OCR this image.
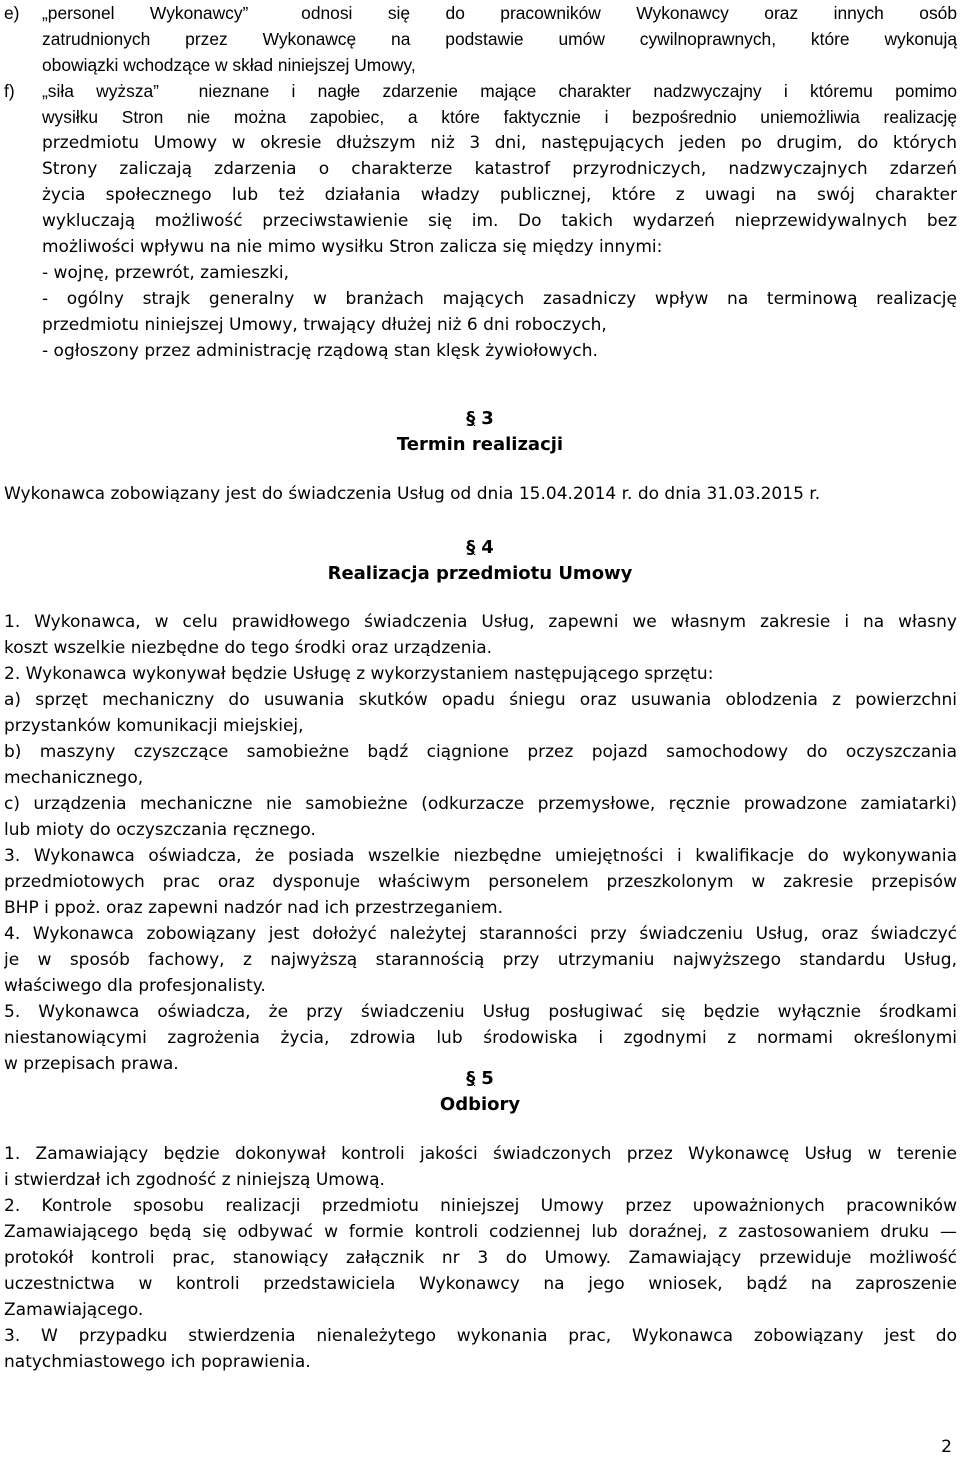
e) „personel Wykonawcy”  odnosi się do pracowników Wykonawcy oraz innych osób
zatrudnionych przez Wykonawcę na podstawie umów cywilnoprawnych, które wykonują
obowiązki wchodzące w skład niniejszej Umowy,
f) „siła wyższa”  nieznane i nagłe zdarzenie mające charakter nadzwyczajny i któremu pomimo
wysiłku Stron nie można zapobiec, a które faktycznie i bezpośrednio uniemożliwia realizację
przedmiotu Umowy w okresie dłuższym niż 3 dni, następujących jeden po drugim, do których
Strony zaliczają zdarzenia o charakterze katastrof przyrodniczych, nadzwyczajnych zdarzeń
życia społecznego lub też działania władzy publicznej, które z uwagi na swój charakter
wykluczają możliwość przeciwstawienie się im. Do takich wydarzeń nieprzewidywalnych bez
możliwości wpływu na nie mimo wysiłku Stron zalicza się między innymi:
- wojnę, przewrót, zamieszki,
- ogólny strajk generalny w branżach mających zasadniczy wpływ na terminową realizację
przedmiotu niniejszej Umowy, trwający dłużej niż 6 dni roboczych,
- ogłoszony przez administrację rządową stan klęsk żywiołowych.
§ 3
Termin realizacji
Wykonawca zobowiązany jest do świadczenia Usług od dnia 15.04.2014 r. do dnia 31.03.2015 r.
§ 4
Realizacja przedmiotu Umowy
1. Wykonawca, w celu prawidłowego świadczenia Usług, zapewni we własnym zakresie i na własny
koszt wszelkie niezbędne do tego środki oraz urządzenia.
2. Wykonawca wykonywał będzie Usługę z wykorzystaniem następującego sprzętu:
a) sprzęt mechaniczny do usuwania skutków opadu śniegu oraz usuwania oblodzenia z powierzchni
przystanków komunikacji miejskiej,
b) maszyny czyszczące samobieżne bądź ciągnione przez pojazd samochodowy do oczyszczania
mechanicznego,
c) urządzenia mechaniczne nie samobieżne (odkurzacze przemysłowe, ręcznie prowadzone zamiatarki)
lub mioty do oczyszczania ręcznego.
3. Wykonawca oświadcza, że posiada wszelkie niezbędne umiejętności i kwalifikacje do wykonywania
przedmiotowych prac oraz dysponuje właściwym personelem przeszkolonym w zakresie przepisów
BHP i ppoż. oraz zapewni nadzór nad ich przestrzeganiem.
4. Wykonawca zobowiązany jest dołożyć należytej staranności przy świadczeniu Usług, oraz świadczyć
je w sposób fachowy, z najwyższą starannością przy utrzymaniu najwyższego standardu Usług,
właściwego dla profesjonalisty.
5. Wykonawca oświadcza, że przy świadczeniu Usług posługiwać się będzie wyłącznie środkami
niestanowiącymi zagrożenia życia, zdrowia lub środowiska i zgodnymi z normami określonymi
w przepisach prawa.
§ 5
Odbiory
1. Zamawiający będzie dokonywał kontroli jakości świadczonych przez Wykonawcę Usług w terenie
i stwierdzał ich zgodność z niniejszą Umową.
2. Kontrole sposobu realizacji przedmiotu niniejszej Umowy przez upoważnionych pracowników
Zamawiającego będą się odbywać w formie kontroli codziennej lub doraźnej, z zastosowaniem druku —
protokół kontroli prac, stanowiący załącznik nr 3 do Umowy. Zamawiający przewiduje możliwość
uczestnictwa w kontroli przedstawiciela Wykonawcy na jego wniosek, bądź na zaproszenie
Zamawiającego.
3. W przypadku stwierdzenia nienależytego wykonania prac, Wykonawca zobowiązany jest do
natychmiastowego ich poprawienia.
2
